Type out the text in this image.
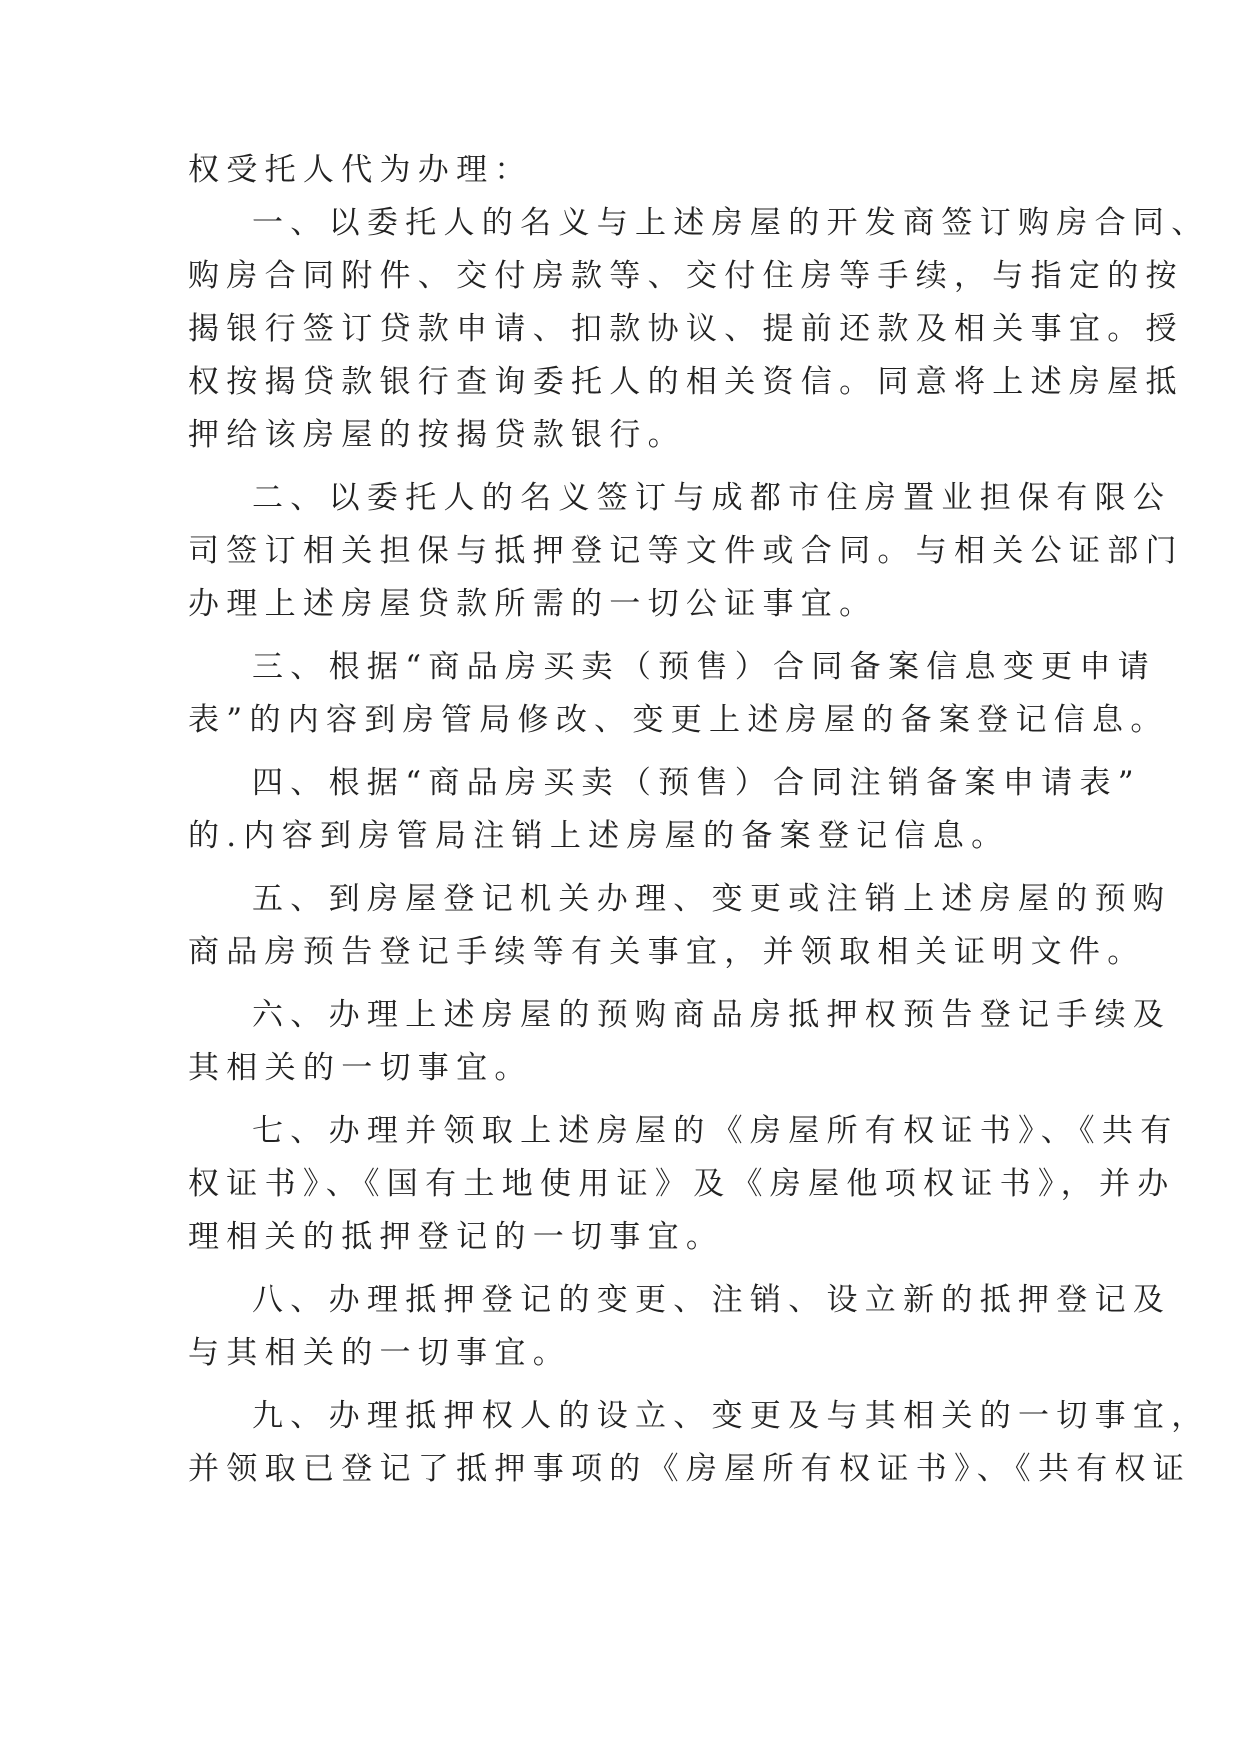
权受托人代为办理：
一、以委托人的名义与上述房屋的开发商签订购房合同、
购房合同附件、交付房款等、交付住房等手续，与指定的按
揭银行签订贷款申请、扣款协议、提前还款及相关事宜。授
权按揭贷款银行查询委托人的相关资信。同意将上述房屋抵
押给该房屋的按揭贷款银行。
二、以委托人的名义签订与成都市住房置业担保有限公
司签订相关担保与抵押登记等文件或合同。与相关公证部门
办理上述房屋贷款所需的一切公证事宜。
三、根据“商品房买卖（预售）合同备案信息变更申请
表”的内容到房管局修改、变更上述房屋的备案登记信息。
四、根据“商品房买卖（预售）合同注销备案申请表”
的.内容到房管局注销上述房屋的备案登记信息。
五、到房屋登记机关办理、变更或注销上述房屋的预购
商品房预告登记手续等有关事宜，并领取相关证明文件。
六、办理上述房屋的预购商品房抵押权预告登记手续及
其相关的一切事宜。
七、办理并领取上述房屋的《房屋所有权证书》、《共有
权证书》、《国有土地使用证》及《房屋他项权证书》，并办
理相关的抵押登记的一切事宜。
八、办理抵押登记的变更、注销、设立新的抵押登记及
与其相关的一切事宜。
九、办理抵押权人的设立、变更及与其相关的一切事宜，
并领取已登记了抵押事项的《房屋所有权证书》、《共有权证
